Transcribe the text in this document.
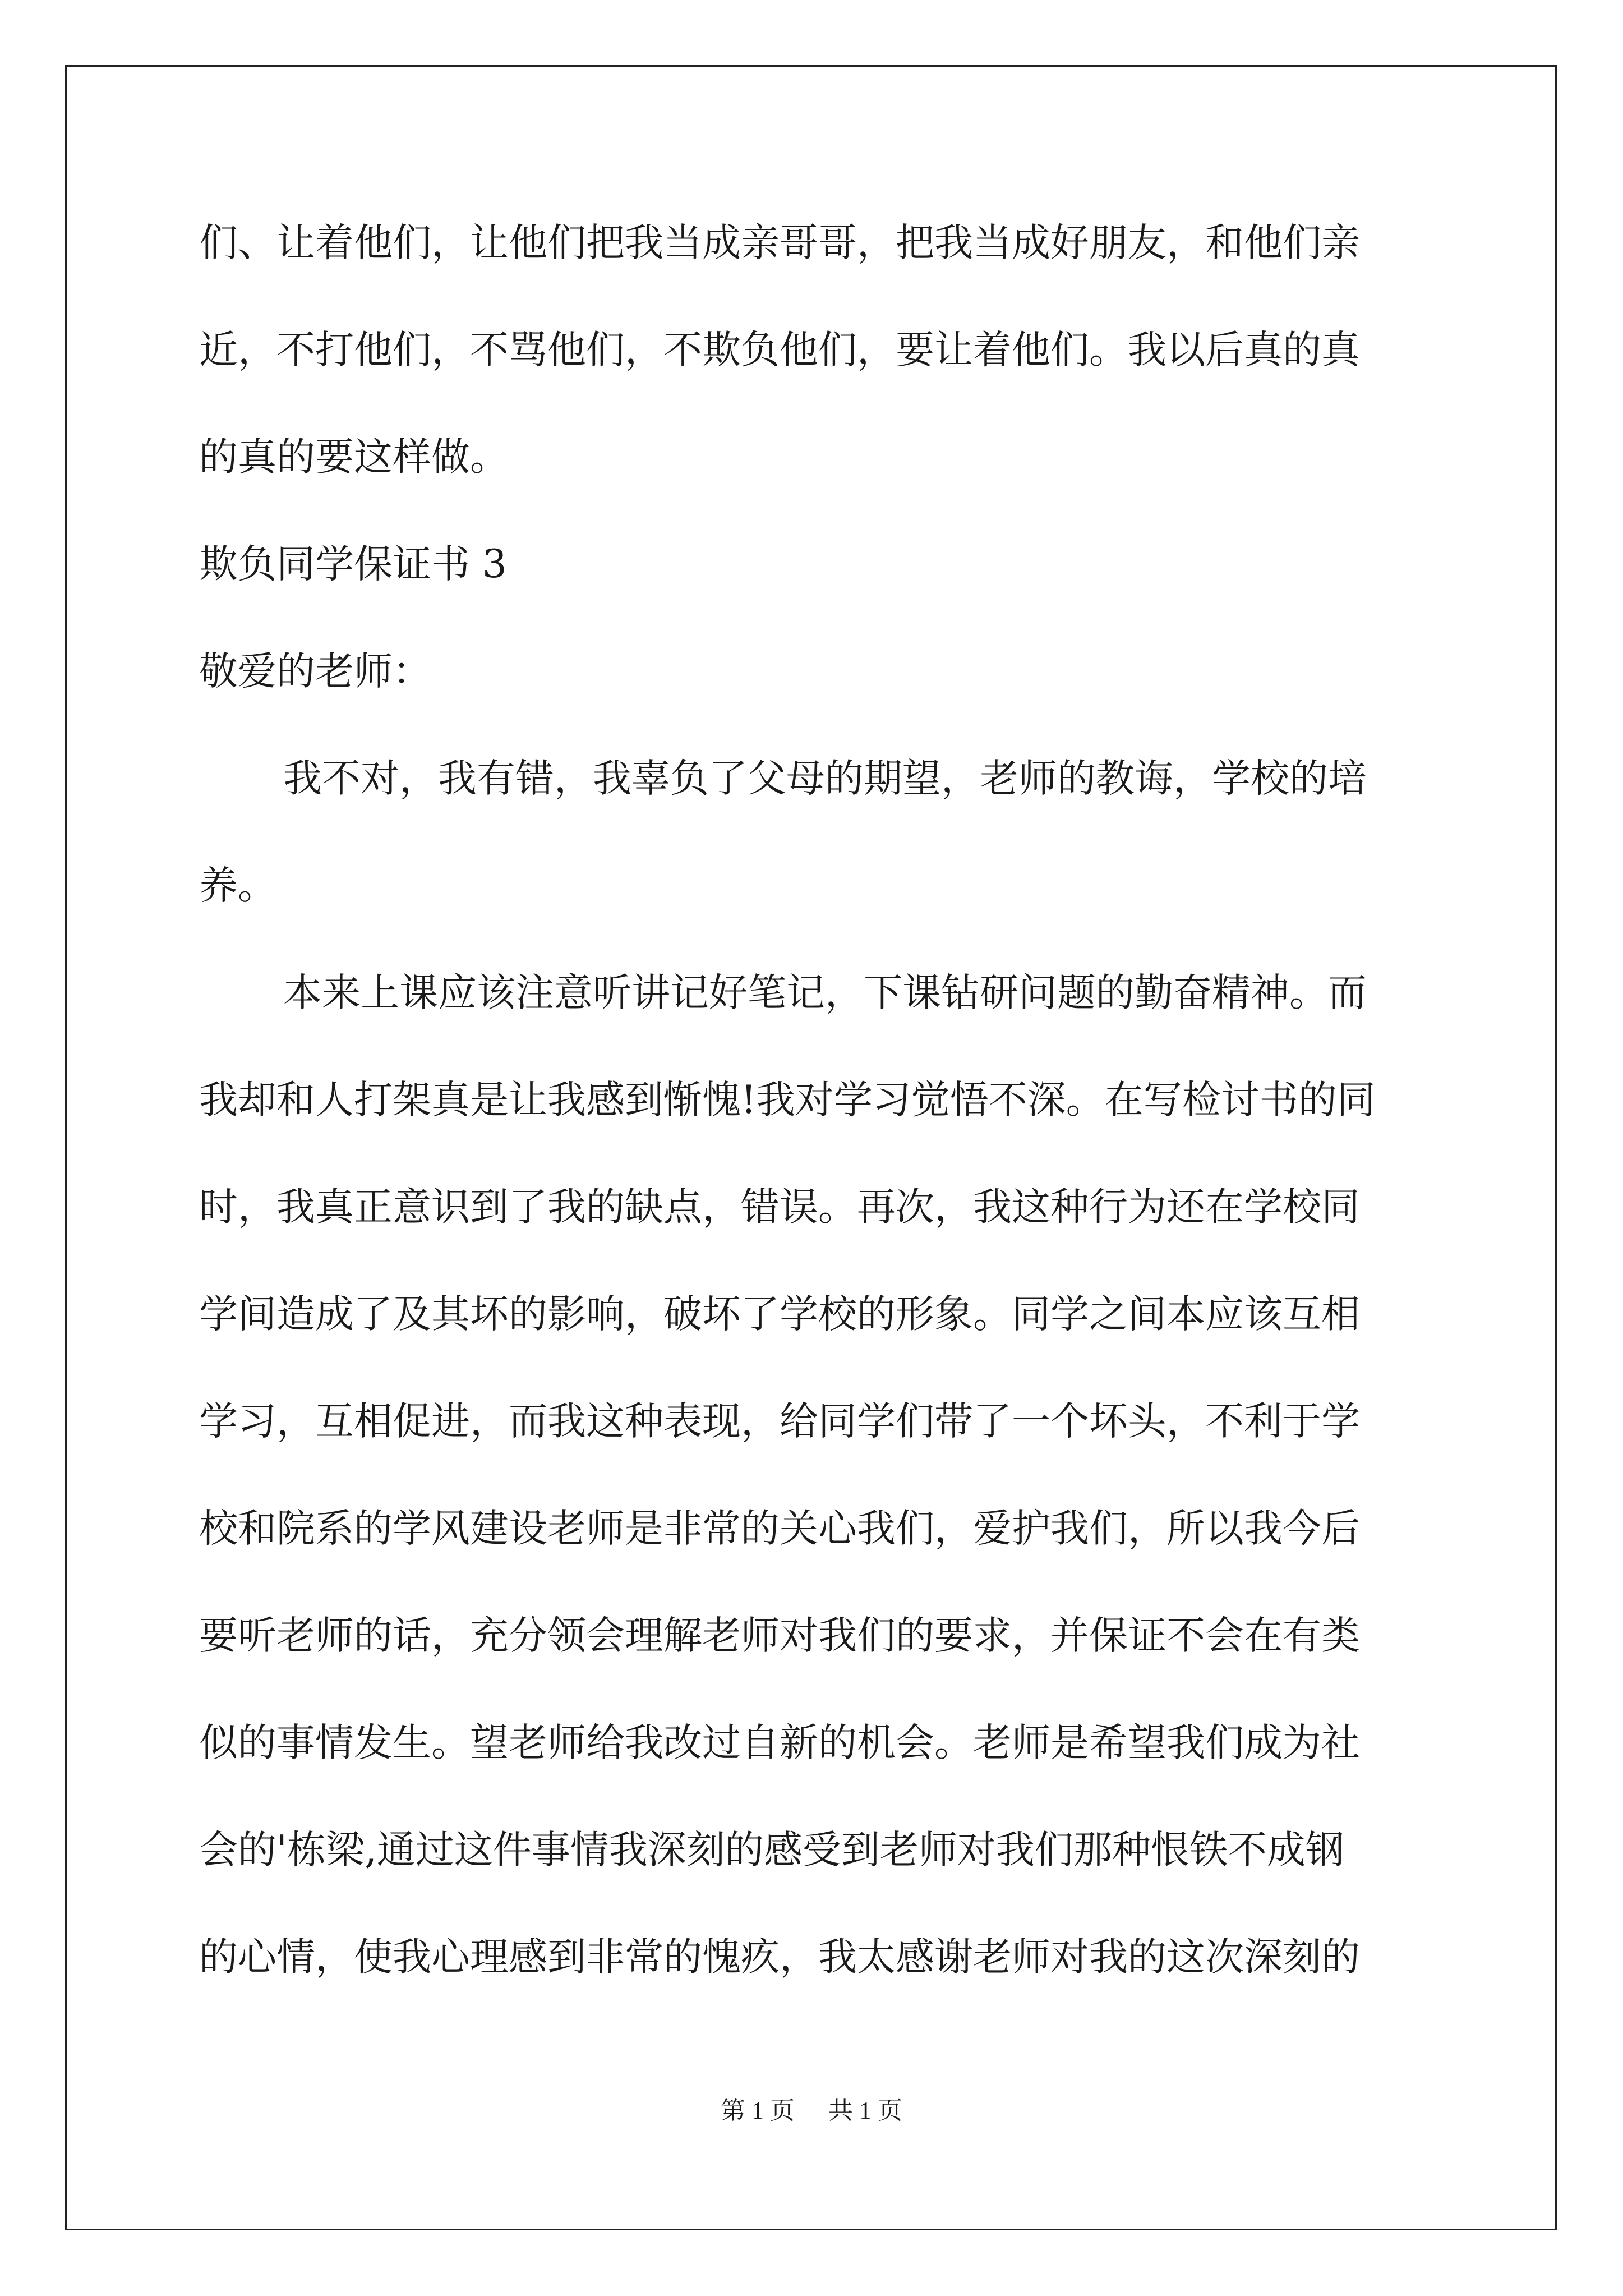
们、让着他们，让他们把我当成亲哥哥，把我当成好朋友，和他们亲
近，不打他们，不骂他们，不欺负他们，要让着他们。我以后真的真
的真的要这样做。
欺负同学保证书 3
敬爱的老师：
我不对，我有错，我辜负了父母的期望，老师的教诲，学校的培
养。
本来上课应该注意听讲记好笔记，下课钻研问题的勤奋精神。而
我却和人打架真是让我感到惭愧!我对学习觉悟不深。在写检讨书的同
时，我真正意识到了我的缺点，错误。再次，我这种行为还在学校同
学间造成了及其坏的影响，破坏了学校的形象。同学之间本应该互相
学习，互相促进，而我这种表现，给同学们带了一个坏头，不利于学
校和院系的学风建设老师是非常的关心我们，爱护我们，所以我今后
要听老师的话，充分领会理解老师对我们的要求，并保证不会在有类
似的事情发生。望老师给我改过自新的机会。老师是希望我们成为社
会的'栋梁,通过这件事情我深刻的感受到老师对我们那种恨铁不成钢
的心情，使我心理感到非常的愧疚，我太感谢老师对我的这次深刻的
第 1 页 共 1 页
